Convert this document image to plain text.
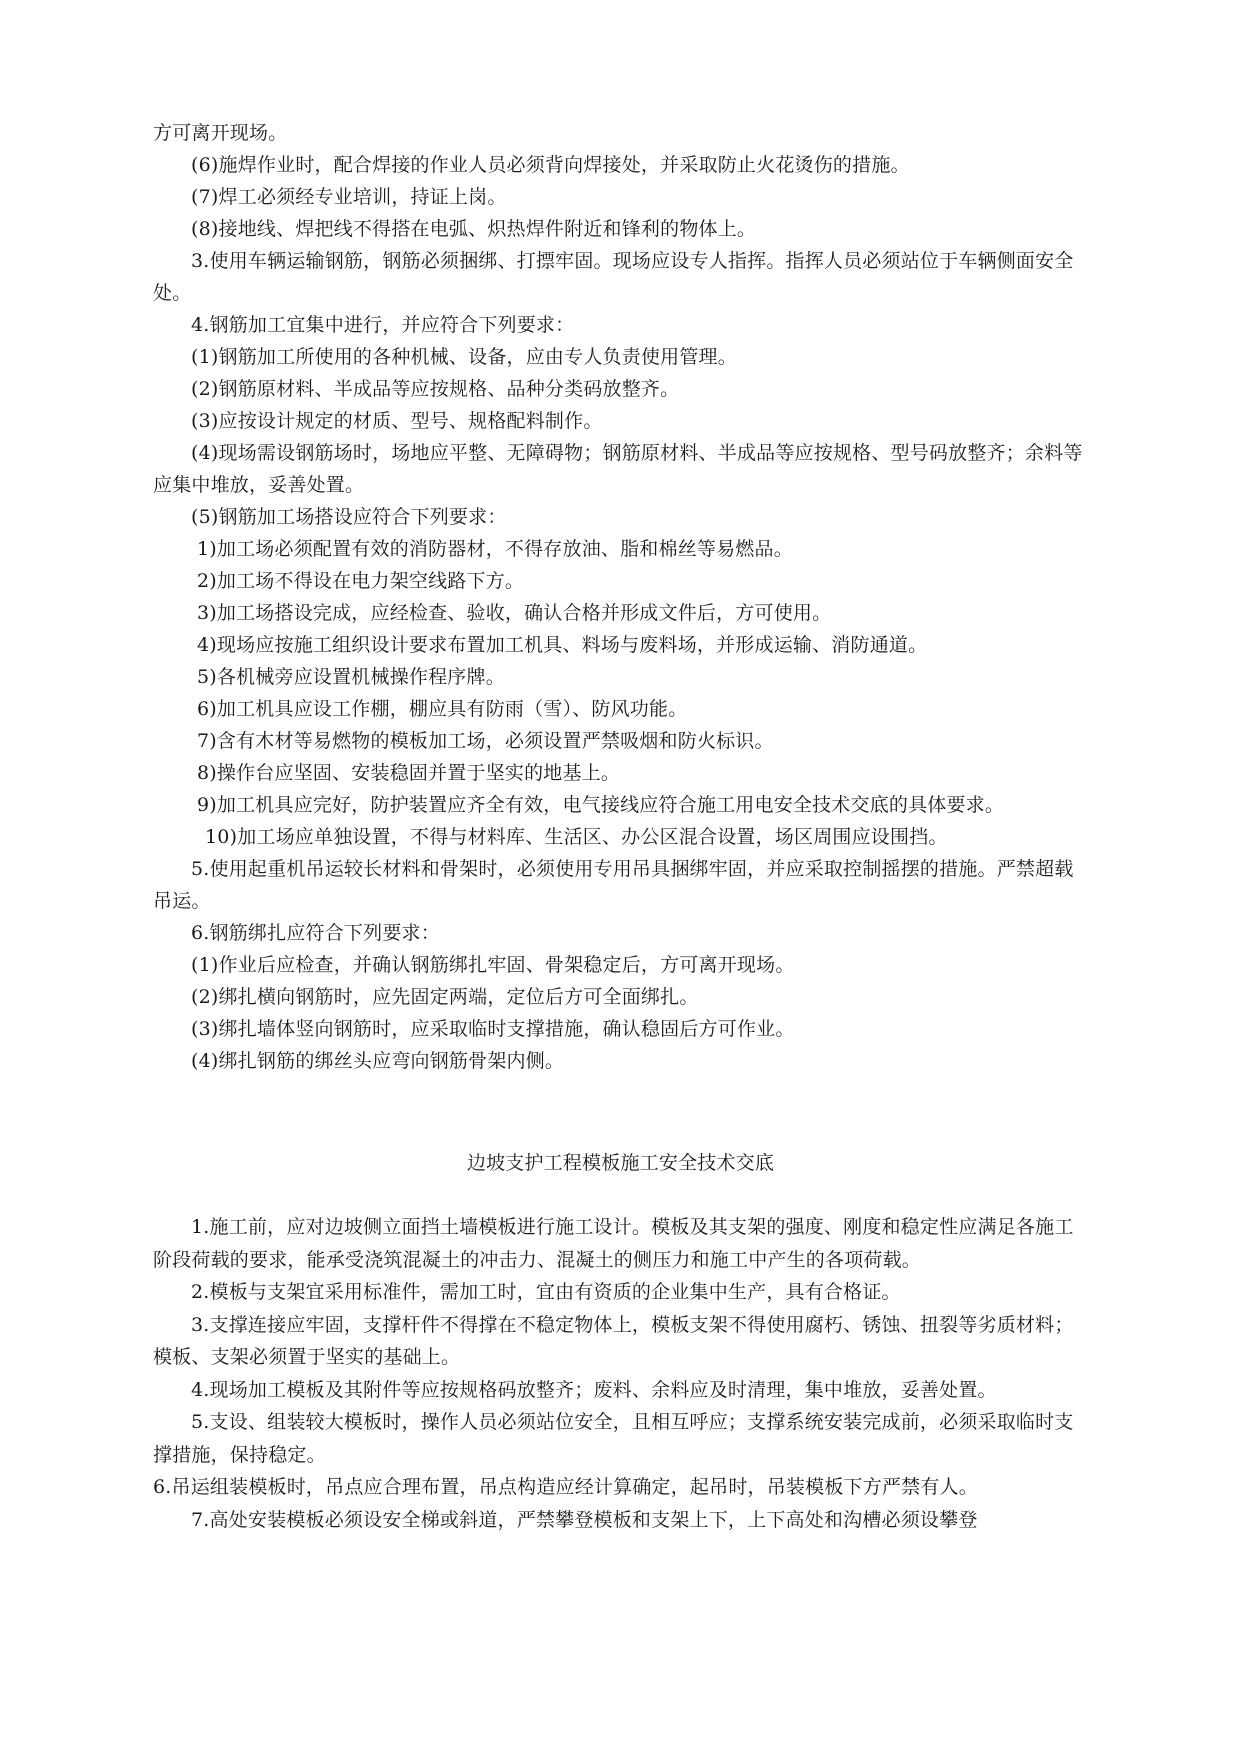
方可离开现场。

(6)施焊作业时，配合焊接的作业人员必须背向焊接处，并采取防止火花烫伤的措施。

(7)焊工必须经专业培训，持证上岗。

(8)接地线、焊把线不得搭在电弧、炽热焊件附近和锋利的物体上。

3.使用车辆运输钢筋，钢筋必须捆绑、打摽牢固。现场应设专人指挥。指挥人员必须站位于车辆侧面安全处。

4.钢筋加工宜集中进行，并应符合下列要求：

(1)钢筋加工所使用的各种机械、设备，应由专人负责使用管理。

(2)钢筋原材料、半成品等应按规格、品种分类码放整齐。

(3)应按设计规定的材质、型号、规格配料制作。

(4)现场需设钢筋场时，场地应平整、无障碍物；钢筋原材料、半成品等应按规格、型号码放整齐；余料等应集中堆放，妥善处置。

(5)钢筋加工场搭设应符合下列要求：

1)加工场必须配置有效的消防器材，不得存放油、脂和棉丝等易燃品。

2)加工场不得设在电力架空线路下方。

3)加工场搭设完成，应经检查、验收，确认合格并形成文件后，方可使用。

4)现场应按施工组织设计要求布置加工机具、料场与废料场，并形成运输、消防通道。

5)各机械旁应设置机械操作程序牌。

6)加工机具应设工作棚，棚应具有防雨（雪）、防风功能。

7)含有木材等易燃物的模板加工场，必须设置严禁吸烟和防火标识。

8)操作台应坚固、安装稳固并置于坚实的地基上。

9)加工机具应完好，防护装置应齐全有效，电气接线应符合施工用电安全技术交底的具体要求。

10)加工场应单独设置，不得与材料库、生活区、办公区混合设置，场区周围应设围挡。

5.使用起重机吊运较长材料和骨架时，必须使用专用吊具捆绑牢固，并应采取控制摇摆的措施。严禁超载吊运。

6.钢筋绑扎应符合下列要求：

(1)作业后应检查，并确认钢筋绑扎牢固、骨架稳定后，方可离开现场。

(2)绑扎横向钢筋时，应先固定两端，定位后方可全面绑扎。

(3)绑扎墙体竖向钢筋时，应采取临时支撑措施，确认稳固后方可作业。

(4)绑扎钢筋的绑丝头应弯向钢筋骨架内侧。

边坡支护工程模板施工安全技术交底

1.施工前，应对边坡侧立面挡土墙模板进行施工设计。模板及其支架的强度、刚度和稳定性应满足各施工阶段荷载的要求，能承受浇筑混凝土的冲击力、混凝土的侧压力和施工中产生的各项荷载。

2.模板与支架宜采用标准件，需加工时，宜由有资质的企业集中生产，具有合格证。

3.支撑连接应牢固，支撑杆件不得撑在不稳定物体上，模板支架不得使用腐朽、锈蚀、扭裂等劣质材料；模板、支架必须置于坚实的基础上。

4.现场加工模板及其附件等应按规格码放整齐；废料、余料应及时清理，集中堆放，妥善处置。

5.支设、组装较大模板时，操作人员必须站位安全，且相互呼应；支撑系统安装完成前，必须采取临时支撑措施，保持稳定。

6.吊运组装模板时，吊点应合理布置，吊点构造应经计算确定，起吊时，吊装模板下方严禁有人。

7.高处安装模板必须设安全梯或斜道，严禁攀登模板和支架上下，上下高处和沟槽必须设攀登
